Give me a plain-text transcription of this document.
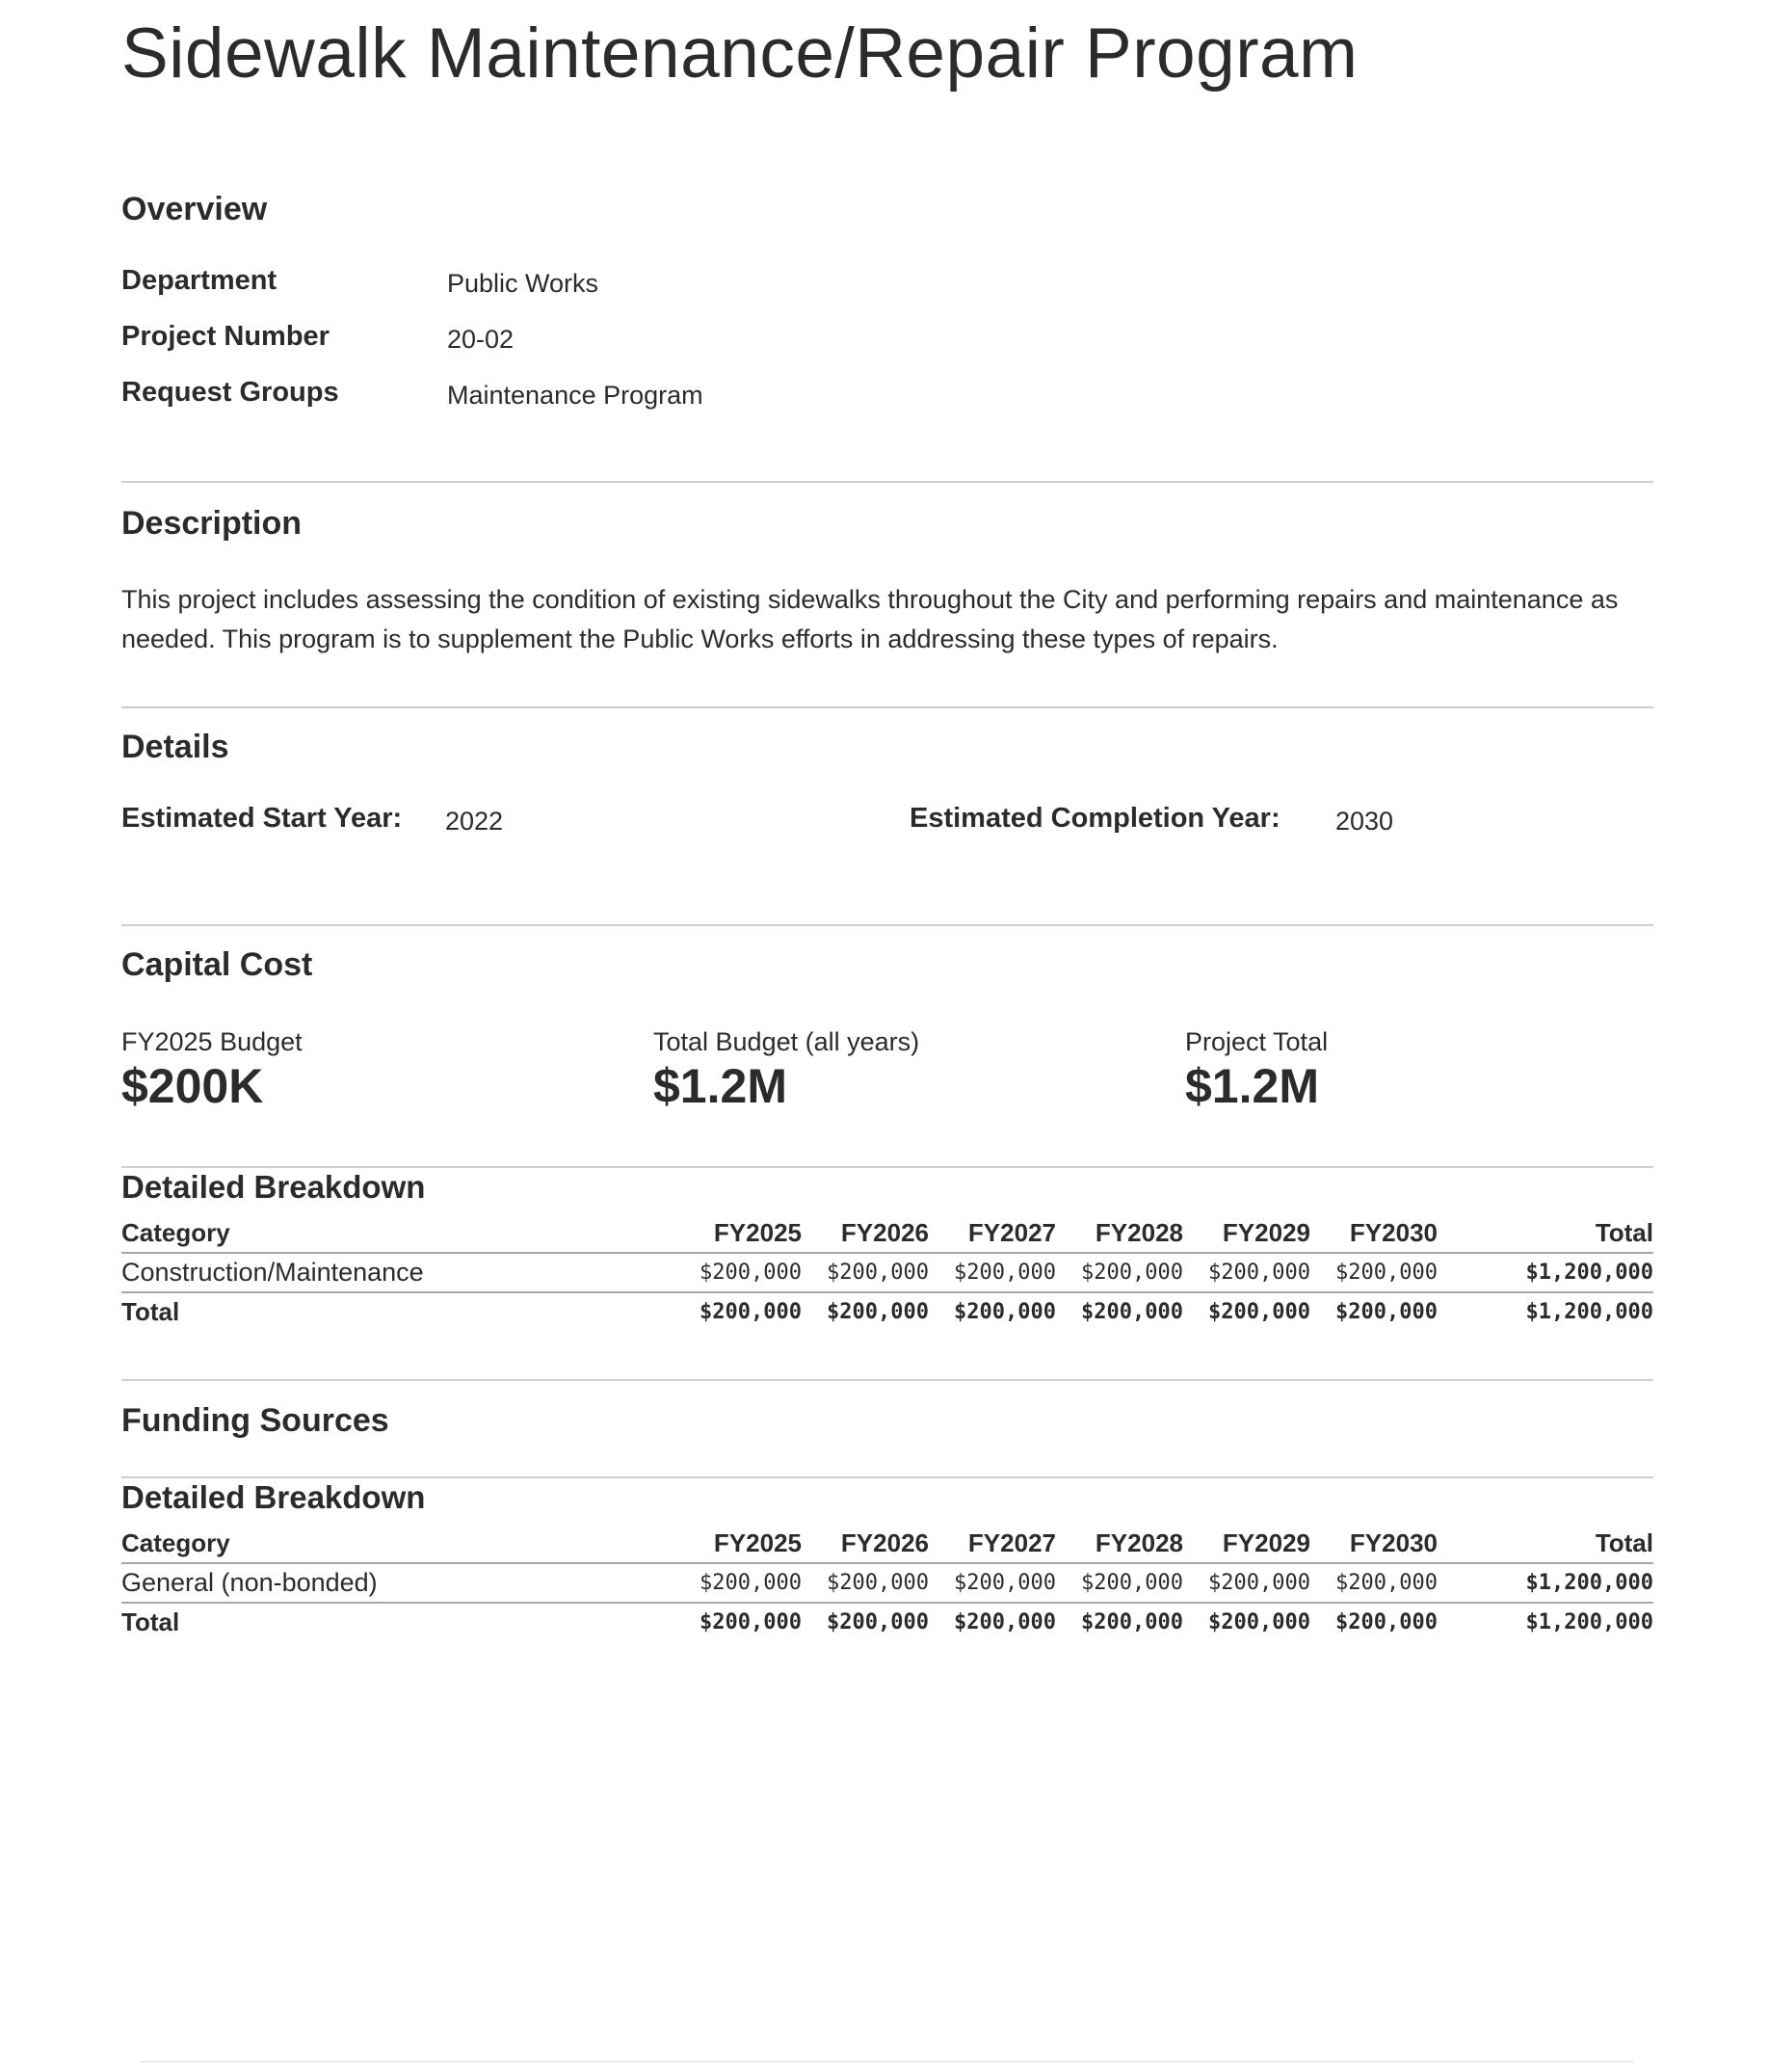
Sidewalk Maintenance/Repair Program
Overview
Department	Public Works
Project Number	20-02
Request Groups	Maintenance Program
Description

This project includes assessing the condition of existing sidewalks throughout the City and performing repairs and maintenance as needed. This program is to supplement the Public Works efforts in addressing these types of repairs.

Details
Estimated Start Year: 2022	Estimated Completion Year: 2030
Capital Cost
FY2025 Budget
$200K
Total Budget (all years)
$1.2M
Project Total
$1.2M
Detailed Breakdown
Category	FY2025	FY2026	FY2027	FY2028	FY2029	FY2030	Total
Construction/Maintenance	$200,000	$200,000	$200,000	$200,000	$200,000	$200,000	$1,200,000
Total	$200,000	$200,000	$200,000	$200,000	$200,000	$200,000	$1,200,000
Funding Sources
Detailed Breakdown
Category	FY2025	FY2026	FY2027	FY2028	FY2029	FY2030	Total
General (non-bonded)	$200,000	$200,000	$200,000	$200,000	$200,000	$200,000	$1,200,000
Total	$200,000	$200,000	$200,000	$200,000	$200,000	$200,000	$1,200,000
